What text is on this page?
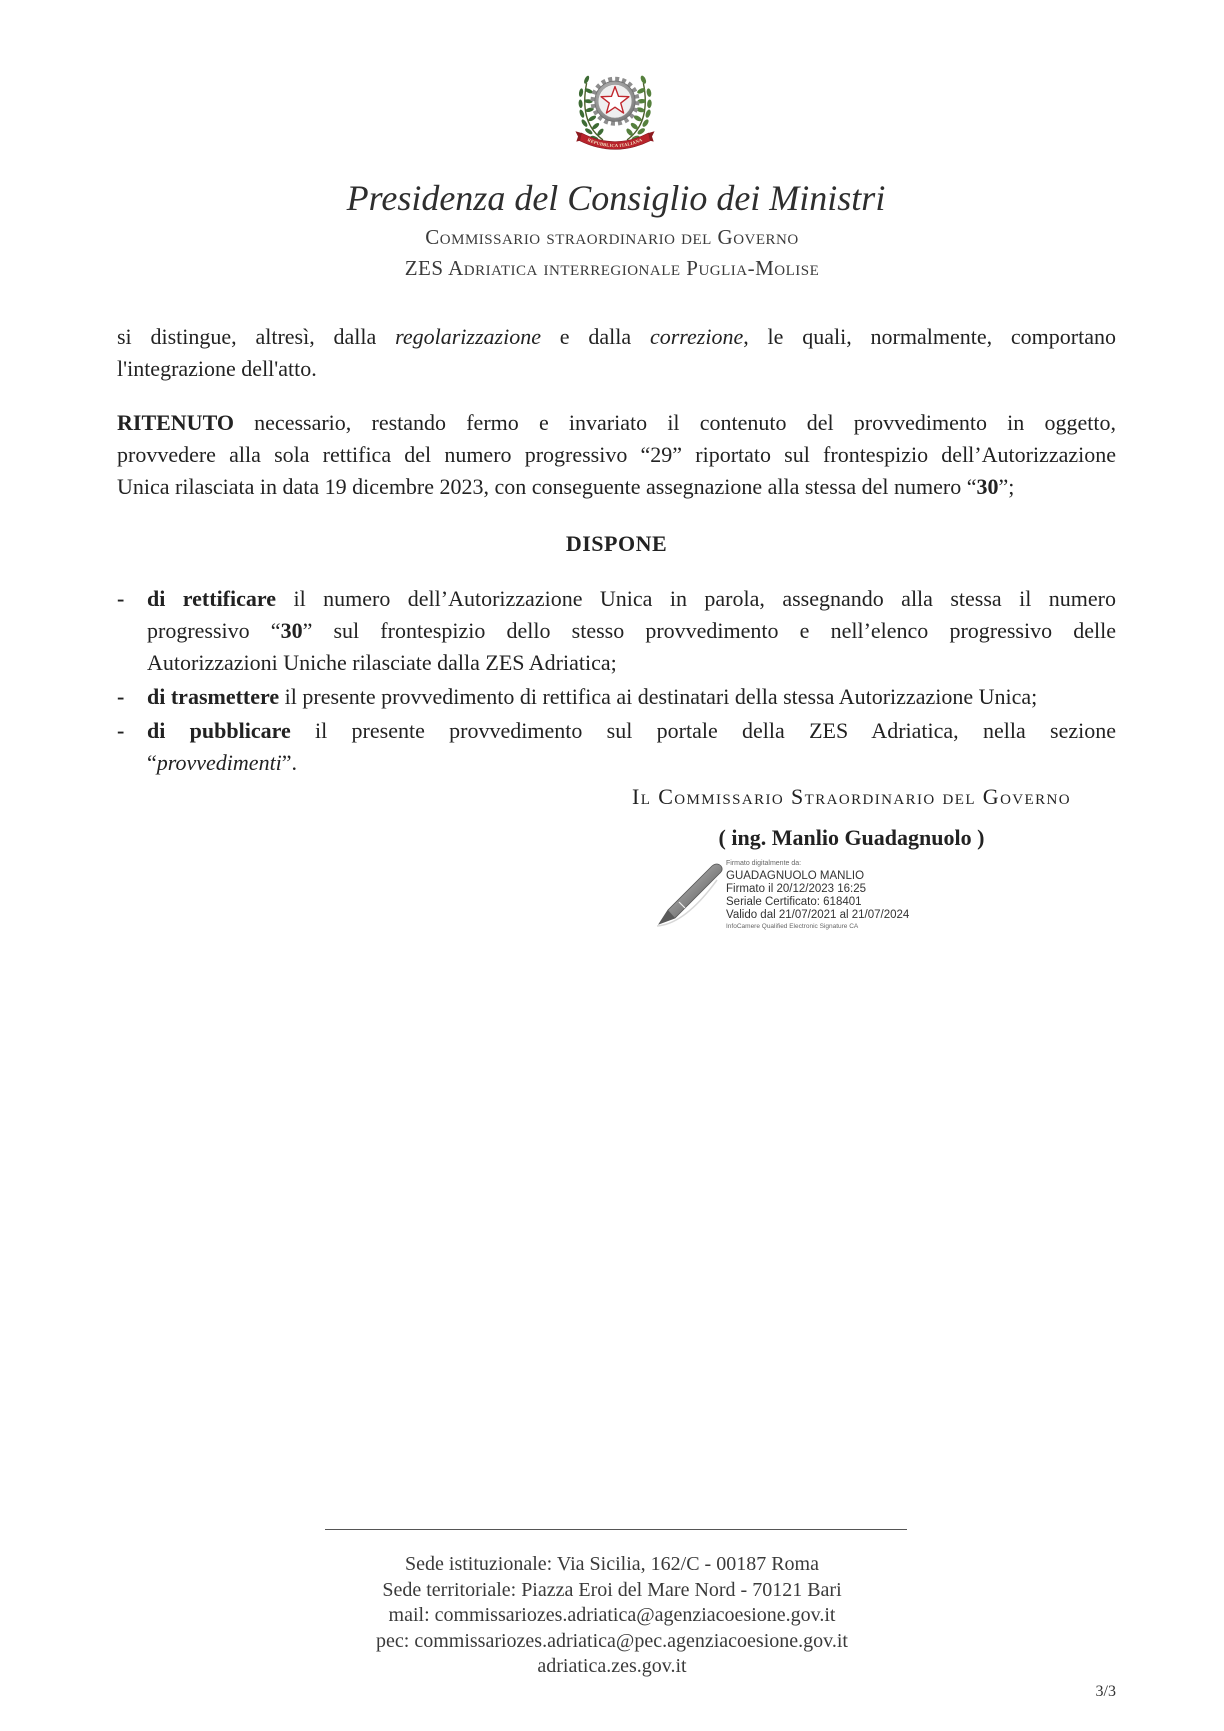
REPUBBLICA ITALIANA
Presidenza del Consiglio dei Ministri
Commissario straordinario del Governo
ZES Adriatica interregionale Puglia-Molise
si distingue, altresì, dalla regolarizzazione e dalla correzione, le quali, normalmente, comportano
l'integrazione dell'atto.
RITENUTO necessario, restando fermo e invariato il contenuto del provvedimento in oggetto,
provvedere alla sola rettifica del numero progressivo “29” riportato sul frontespizio dell’Autorizzazione
Unica rilasciata in data 19 dicembre 2023, con conseguente assegnazione alla stessa del numero “30”;
DISPONE
- di rettificare il numero dell’Autorizzazione Unica in parola, assegnando alla stessa il numero
progressivo “30” sul frontespizio dello stesso provvedimento e nell’elenco progressivo delle
Autorizzazioni Uniche rilasciate dalla ZES Adriatica;
- di trasmettere il presente provvedimento di rettifica ai destinatari della stessa Autorizzazione Unica;
- di pubblicare il presente provvedimento sul portale della ZES Adriatica, nella sezione
“provvedimenti”.
Il Commissario Straordinario del Governo
( ing. Manlio Guadagnuolo )
Firmato digitalmente da:
GUADAGNUOLO MANLIO
Firmato il 20/12/2023 16:25
Seriale Certificato: 618401
Valido dal 21/07/2021 al 21/07/2024
InfoCamere Qualified Electronic Signature CA
Sede istituzionale: Via Sicilia, 162/C - 00187 Roma
Sede territoriale: Piazza Eroi del Mare Nord - 70121 Bari
mail: commissariozes.adriatica@agenziacoesione.gov.it
pec: commissariozes.adriatica@pec.agenziacoesione.gov.it
adriatica.zes.gov.it
3/3
